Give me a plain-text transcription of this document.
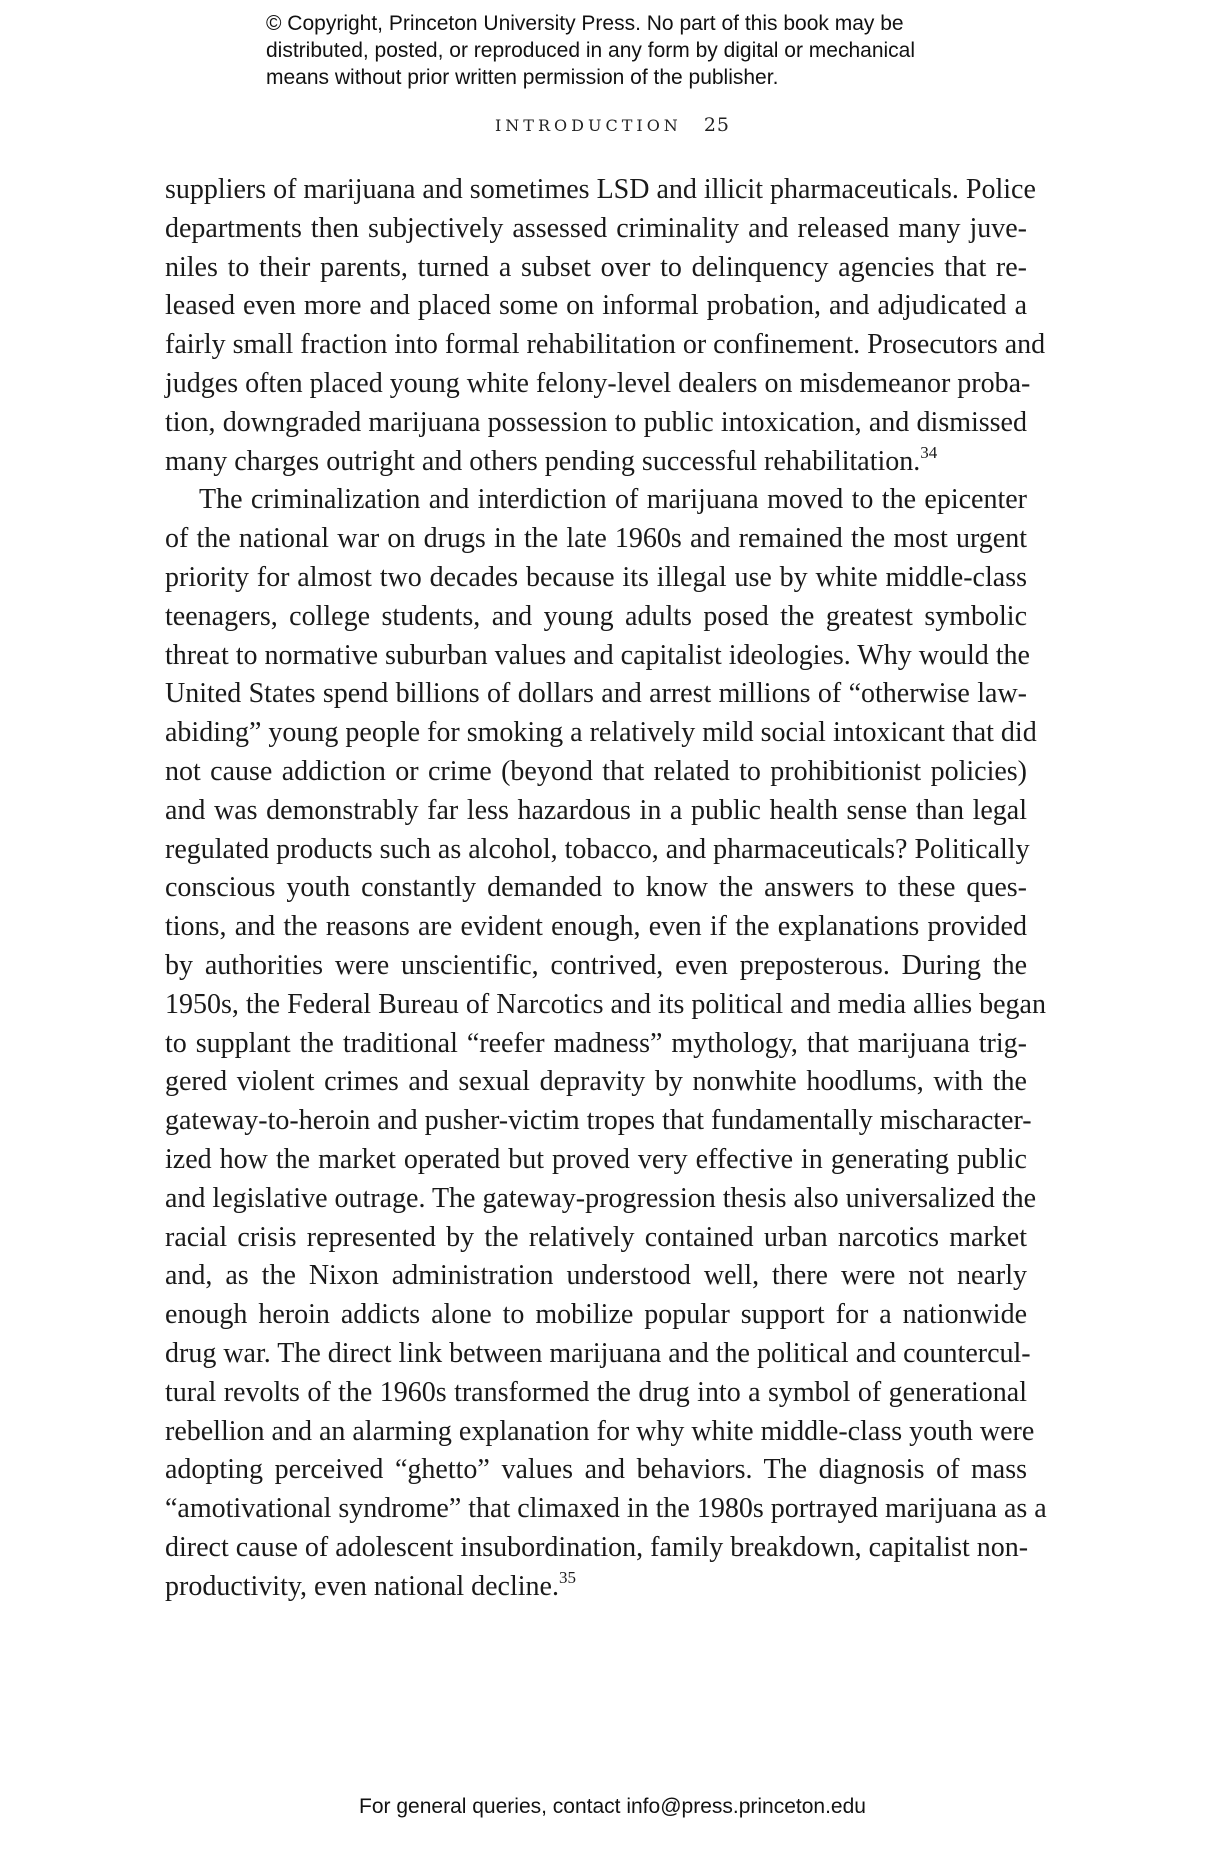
© Copyright, Princeton University Press. No part of this book may be
distributed, posted, or reproduced in any form by digital or mechanical
means without prior written permission of the publisher.
INTRODUCTION 25
suppliers of marijuana and sometimes LSD and illicit pharmaceuticals. Police
departments then subjectively assessed criminality and released many juve-
niles to their parents, turned a subset over to delinquency agencies that re-
leased even more and placed some on informal probation, and adjudicated a
fairly small fraction into formal rehabilitation or confinement. Prosecutors and
judges often placed young white felony-level dealers on misdemeanor proba-
tion, downgraded marijuana possession to public intoxication, and dismissed
many charges outright and others pending successful rehabilitation.$^{34}$
The criminalization and interdiction of marijuana moved to the epicenter
of the national war on drugs in the late 1960s and remained the most urgent
priority for almost two decades because its illegal use by white middle-class
teenagers, college students, and young adults posed the greatest symbolic
threat to normative suburban values and capitalist ideologies. Why would the
United States spend billions of dollars and arrest millions of “otherwise law-
abiding” young people for smoking a relatively mild social intoxicant that did
not cause addiction or crime (beyond that related to prohibitionist policies)
and was demonstrably far less hazardous in a public health sense than legal
regulated products such as alcohol, tobacco, and pharmaceuticals? Politically
conscious youth constantly demanded to know the answers to these ques-
tions, and the reasons are evident enough, even if the explanations provided
by authorities were unscientific, contrived, even preposterous. During the
1950s, the Federal Bureau of Narcotics and its political and media allies began
to supplant the traditional “reefer madness” mythology, that marijuana trig-
gered violent crimes and sexual depravity by nonwhite hoodlums, with the
gateway-to-heroin and pusher-victim tropes that fundamentally mischaracter-
ized how the market operated but proved very effective in generating public
and legislative outrage. The gateway-progression thesis also universalized the
racial crisis represented by the relatively contained urban narcotics market
and, as the Nixon administration understood well, there were not nearly
enough heroin addicts alone to mobilize popular support for a nationwide
drug war. The direct link between marijuana and the political and countercul-
tural revolts of the 1960s transformed the drug into a symbol of generational
rebellion and an alarming explanation for why white middle-class youth were
adopting perceived “ghetto” values and behaviors. The diagnosis of mass
“amotivational syndrome” that climaxed in the 1980s portrayed marijuana as a
direct cause of adolescent insubordination, family breakdown, capitalist non-
productivity, even national decline.$^{35}$
For general queries, contact info@press.princeton.edu
